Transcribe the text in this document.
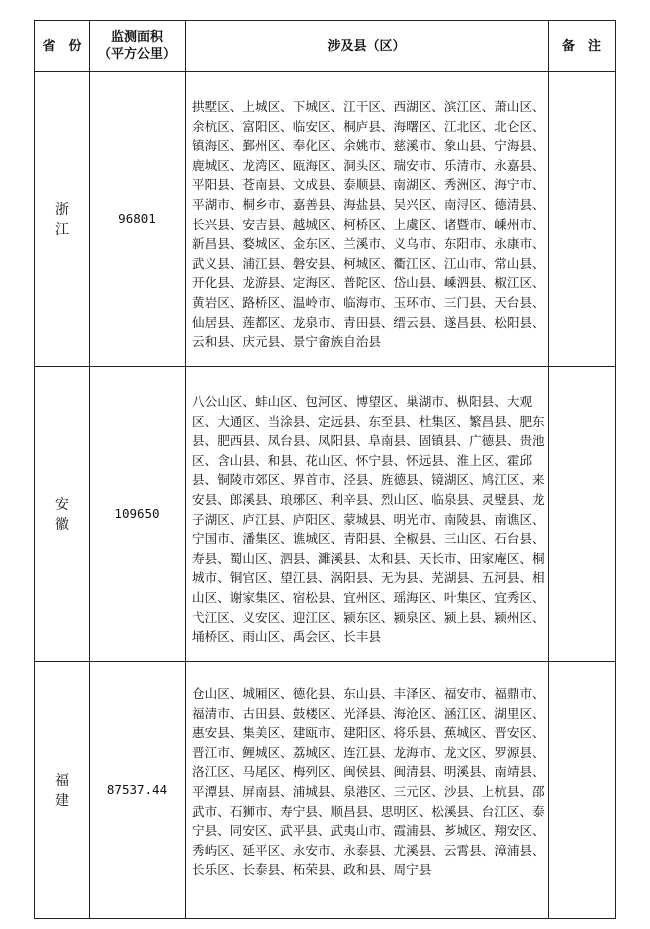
省　份
监测面积
（平方公里）
涉及县（区）	备　注
浙　江
96801
拱墅区、上城区、下城区、江干区、西湖区、滨江区、萧山区、余杭区、富阳区、临安区、桐庐县、海曙区、江北区、北仑区、镇海区、鄞州区、奉化区、余姚市、慈溪市、象山县、宁海县、鹿城区、龙湾区、瓯海区、洞头区、瑞安市、乐清市、永嘉县、平阳县、苍南县、文成县、泰顺县、南湖区、秀洲区、海宁市、平湖市、桐乡市、嘉善县、海盐县、吴兴区、南浔区、德清县、长兴县、安吉县、越城区、柯桥区、上虞区、诸暨市、嵊州市、新昌县、婺城区、金东区、兰溪市、义乌市、东阳市、永康市、武义县、浦江县、磐安县、柯城区、衢江区、江山市、常山县、开化县、龙游县、定海区、普陀区、岱山县、嵊泗县、椒江区、黄岩区、路桥区、温岭市、临海市、玉环市、三门县、天台县、仙居县、莲都区、龙泉市、青田县、缙云县、遂昌县、松阳县、云和县、庆元县、景宁畲族自治县
安　徽
109650
八公山区、蚌山区、包河区、博望区、巢湖市、枞阳县、大观区、大通区、当涂县、定远县、东至县、杜集区、繁昌县、肥东县、肥西县、凤台县、凤阳县、阜南县、固镇县、广德县、贵池区、含山县、和县、花山区、怀宁县、怀远县、淮上区、霍邱县、铜陵市郊区、界首市、泾县、旌德县、镜湖区、鸠江区、来安县、郎溪县、琅琊区、利辛县、烈山区、临泉县、灵璧县、龙子湖区、庐江县、庐阳区、蒙城县、明光市、南陵县、南谯区、宁国市、潘集区、谯城区、青阳县、全椒县、三山区、石台县、寿县、蜀山区、泗县、濉溪县、太和县、天长市、田家庵区、桐城市、铜官区、望江县、涡阳县、无为县、芜湖县、五河县、相山区、谢家集区、宿松县、宜州区、瑶海区、叶集区、宜秀区、弋江区、义安区、迎江区、颍东区、颍泉区、颍上县、颍州区、埇桥区、雨山区、禹会区、长丰县
福　建
87537.44
仓山区、城厢区、德化县、东山县、丰泽区、福安市、福鼎市、福清市、古田县、鼓楼区、光泽县、海沧区、涵江区、湖里区、惠安县、集美区、建瓯市、建阳区、将乐县、蕉城区、晋安区、晋江市、鲤城区、荔城区、连江县、龙海市、龙文区、罗源县、洛江区、马尾区、梅列区、闽侯县、闽清县、明溪县、南靖县、平潭县、屏南县、浦城县、泉港区、三元区、沙县、上杭县、邵武市、石狮市、寿宁县、顺昌县、思明区、松溪县、台江区、泰宁县、同安区、武平县、武夷山市、霞浦县、芗城区、翔安区、秀屿区、延平区、永安市、永泰县、尤溪县、云霄县、漳浦县、长乐区、长泰县、柘荣县、政和县、周宁县
